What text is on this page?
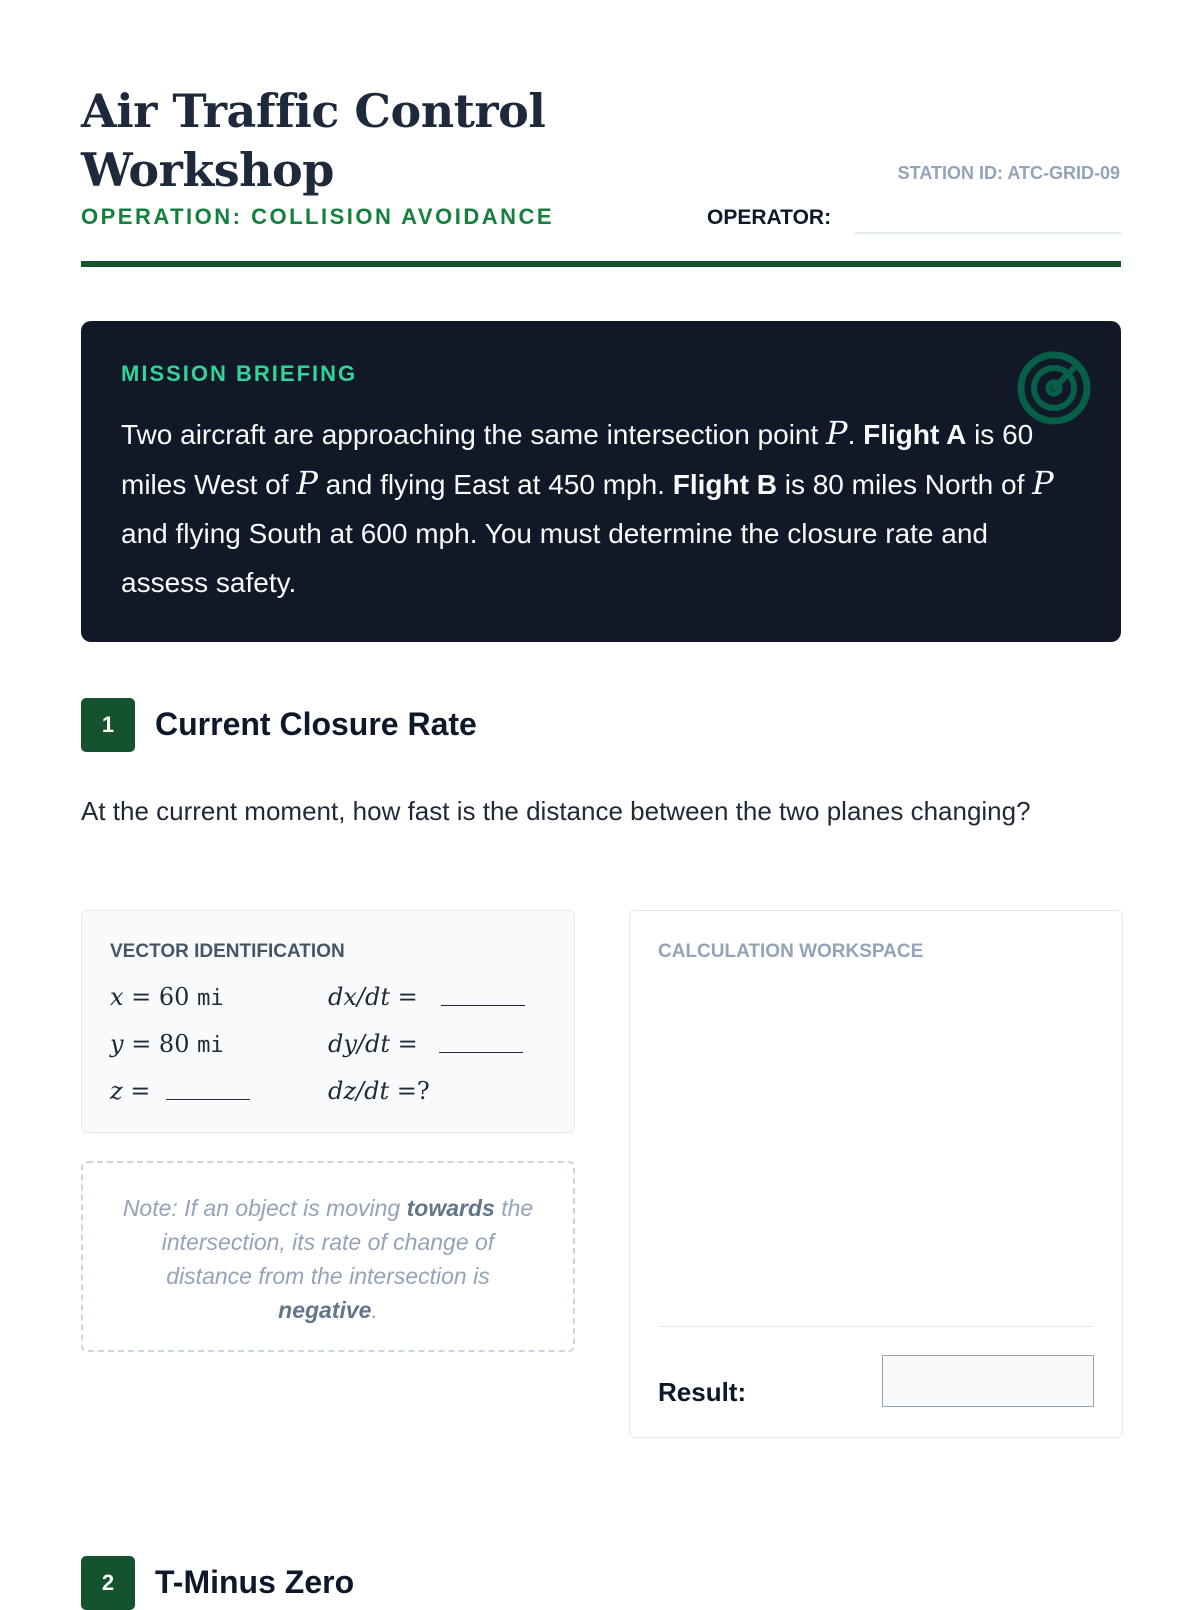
Air Traffic Control Workshop
OPERATION: COLLISION AVOIDANCE
STATION ID: ATC-GRID-09
OPERATOR:
MISSION BRIEFING
Two aircraft are approaching the same intersection point P. Flight A is 60 miles West of P and flying East at 450 mph. Flight B is 80 miles North of P and flying South at 600 mph. You must determine the closure rate and assess safety.
1	Current Closure Rate
At the current moment, how fast is the distance between the two planes changing?
VECTOR IDENTIFICATION
x = 60 mi
y = 80 mi
z =
dx/dt =
dy/dt =
dz/dt =?
Note: If an object is moving towards the intersection, its rate of change of distance from the intersection is negative.
CALCULATION WORKSPACE
Result:
2	T-Minus Zero
